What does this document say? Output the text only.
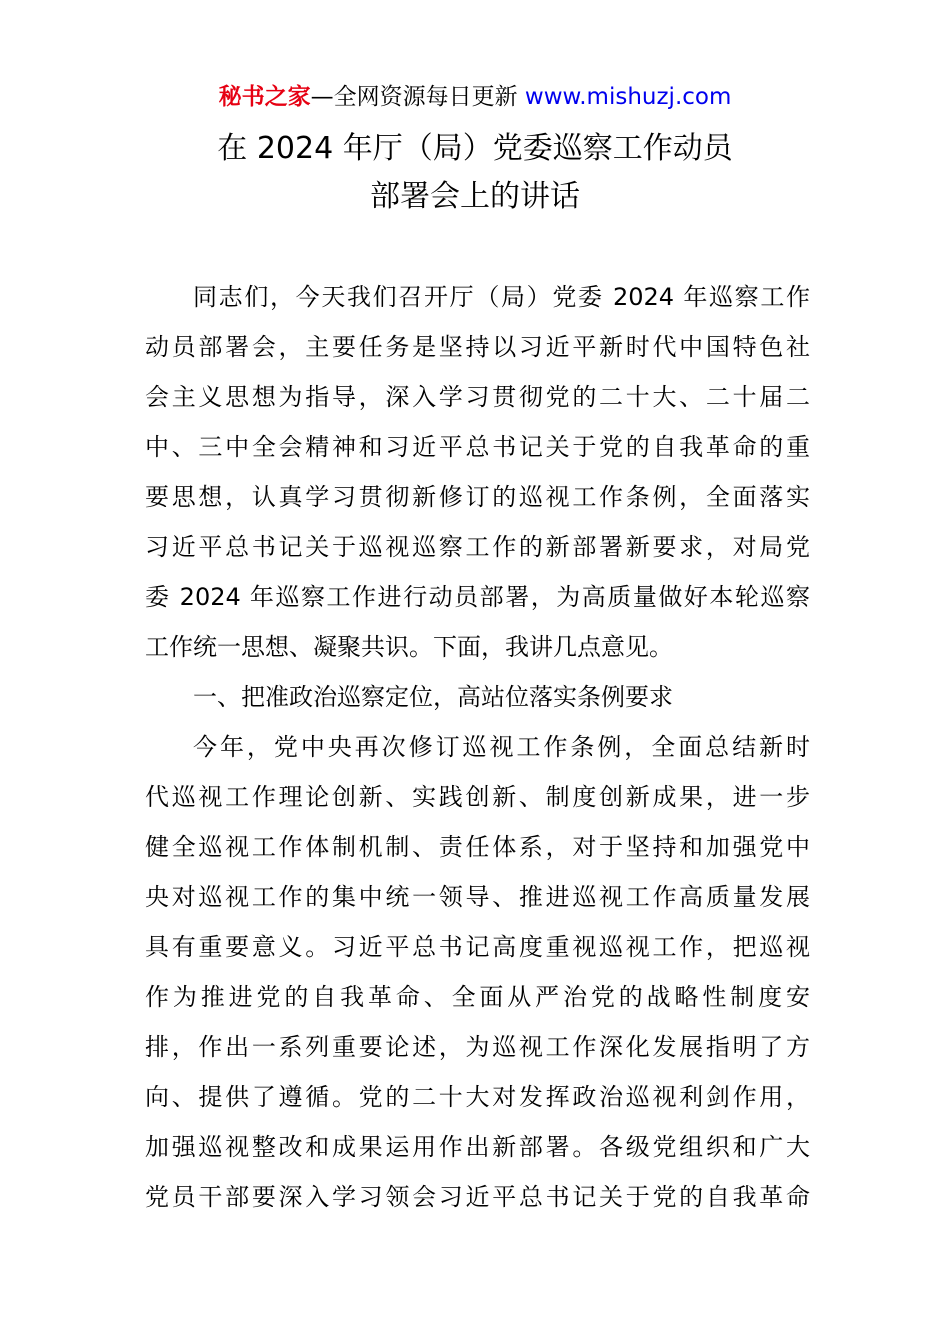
秘书之家—全网资源每日更新 www.mishuzj.com
在 2024 年厅（局）党委巡察工作动员
部署会上的讲话
同志们，今天我们召开厅（局）党委 2024 年巡察工作
动员部署会，主要任务是坚持以习近平新时代中国特色社
会主义思想为指导，深入学习贯彻党的二十大、二十届二
中、三中全会精神和习近平总书记关于党的自我革命的重
要思想，认真学习贯彻新修订的巡视工作条例，全面落实
习近平总书记关于巡视巡察工作的新部署新要求，对局党
委 2024 年巡察工作进行动员部署，为高质量做好本轮巡察
工作统一思想、凝聚共识。下面，我讲几点意见。
一、把准政治巡察定位，高站位落实条例要求
今年，党中央再次修订巡视工作条例，全面总结新时
代巡视工作理论创新、实践创新、制度创新成果，进一步
健全巡视工作体制机制、责任体系，对于坚持和加强党中
央对巡视工作的集中统一领导、推进巡视工作高质量发展
具有重要意义。习近平总书记高度重视巡视工作，把巡视
作为推进党的自我革命、全面从严治党的战略性制度安
排，作出一系列重要论述，为巡视工作深化发展指明了方
向、提供了遵循。党的二十大对发挥政治巡视利剑作用，
加强巡视整改和成果运用作出新部署。各级党组织和广大
党员干部要深入学习领会习近平总书记关于党的自我革命
